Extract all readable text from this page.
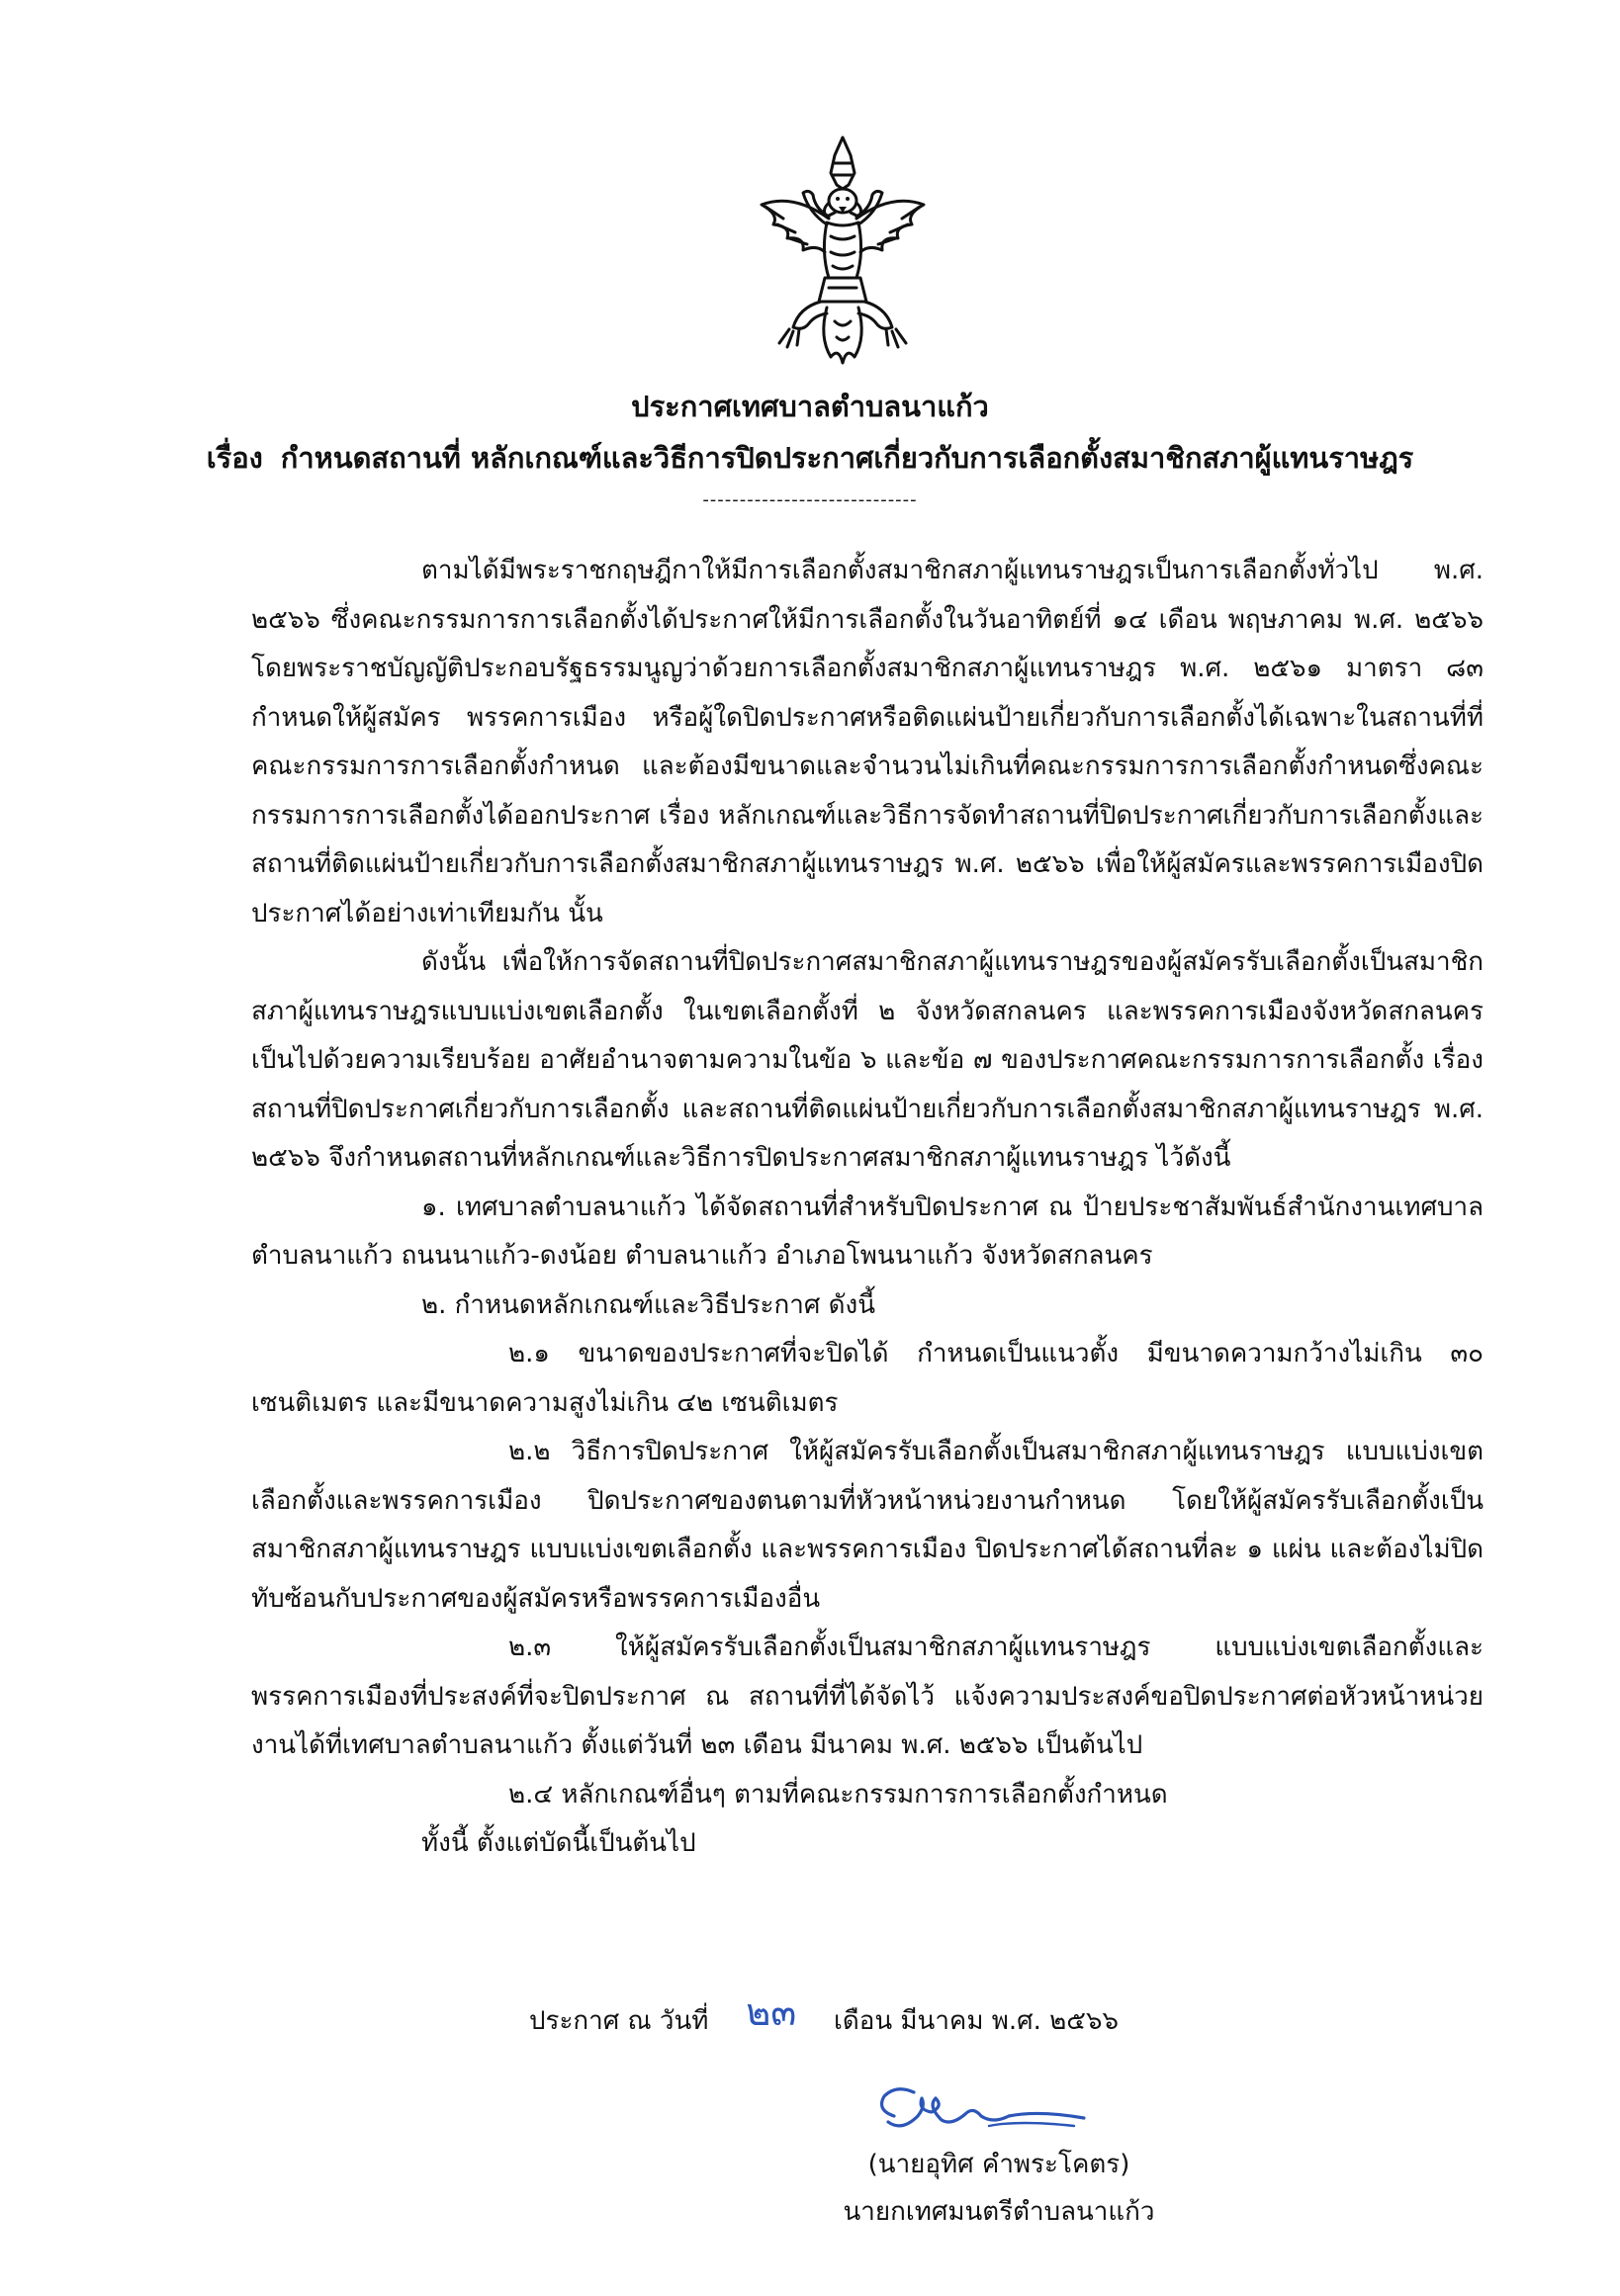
ประกาศเทศบาลตำบลนาแก้ว
เรื่อง กำหนดสถานที่ หลักเกณฑ์และวิธีการปิดประกาศเกี่ยวกับการเลือกตั้งสมาชิกสภาผู้แทนราษฎร
-----------------------------

ตามได้มีพระราชกฤษฎีกาให้มีการเลือกตั้งสมาชิกสภาผู้แทนราษฎรเป็นการเลือกตั้งทั่วไป พ.ศ. ๒๕๖๖ ซึ่งคณะกรรมการการเลือกตั้งได้ประกาศให้มีการเลือกตั้งในวันอาทิตย์ที่ ๑๔ เดือน พฤษภาคม พ.ศ. ๒๕๖๖ โดยพระราชบัญญัติประกอบรัฐธรรมนูญว่าด้วยการเลือกตั้งสมาชิกสภาผู้แทนราษฎร พ.ศ. ๒๕๖๑ มาตรา ๘๓ กำหนดให้ผู้สมัคร พรรคการเมือง หรือผู้ใดปิดประกาศหรือติดแผ่นป้ายเกี่ยวกับการเลือกตั้งได้เฉพาะในสถานที่ที่คณะกรรมการการเลือกตั้งกำหนด และต้องมีขนาดและจำนวนไม่เกินที่คณะกรรมการการเลือกตั้งกำหนดซึ่งคณะกรรมการการเลือกตั้งได้ออกประกาศ เรื่อง หลักเกณฑ์และวิธีการจัดทำสถานที่ปิดประกาศเกี่ยวกับการเลือกตั้งและสถานที่ติดแผ่นป้ายเกี่ยวกับการเลือกตั้งสมาชิกสภาผู้แทนราษฎร พ.ศ. ๒๕๖๖ เพื่อให้ผู้สมัครและพรรคการเมืองปิดประกาศได้อย่างเท่าเทียมกัน นั้น

ดังนั้น เพื่อให้การจัดสถานที่ปิดประกาศสมาชิกสภาผู้แทนราษฎรของผู้สมัครรับเลือกตั้งเป็นสมาชิกสภาผู้แทนราษฎรแบบแบ่งเขตเลือกตั้ง ในเขตเลือกตั้งที่ ๒ จังหวัดสกลนคร และพรรคการเมืองจังหวัดสกลนคร เป็นไปด้วยความเรียบร้อย อาศัยอำนาจตามความในข้อ ๖ และข้อ ๗ ของประกาศคณะกรรมการการเลือกตั้ง เรื่อง สถานที่ปิดประกาศเกี่ยวกับการเลือกตั้ง และสถานที่ติดแผ่นป้ายเกี่ยวกับการเลือกตั้งสมาชิกสภาผู้แทนราษฎร พ.ศ. ๒๕๖๖ จึงกำหนดสถานที่หลักเกณฑ์และวิธีการปิดประกาศสมาชิกสภาผู้แทนราษฎร ไว้ดังนี้

๑. เทศบาลตำบลนาแก้ว ได้จัดสถานที่สำหรับปิดประกาศ ณ ป้ายประชาสัมพันธ์สำนักงานเทศบาลตำบลนาแก้ว ถนนนาแก้ว-ดงน้อย ตำบลนาแก้ว อำเภอโพนนาแก้ว จังหวัดสกลนคร

๒. กำหนดหลักเกณฑ์และวิธีประกาศ ดังนี้

๒.๑ ขนาดของประกาศที่จะปิดได้ กำหนดเป็นแนวตั้ง มีขนาดความกว้างไม่เกิน ๓๐ เซนติเมตร และมีขนาดความสูงไม่เกิน ๔๒ เซนติเมตร

๒.๒ วิธีการปิดประกาศ ให้ผู้สมัครรับเลือกตั้งเป็นสมาชิกสภาผู้แทนราษฎร แบบแบ่งเขตเลือกตั้งและพรรคการเมือง ปิดประกาศของตนตามที่หัวหน้าหน่วยงานกำหนด โดยให้ผู้สมัครรับเลือกตั้งเป็นสมาชิกสภาผู้แทนราษฎร แบบแบ่งเขตเลือกตั้ง และพรรคการเมือง ปิดประกาศได้สถานที่ละ ๑ แผ่น และต้องไม่ปิดทับซ้อนกับประกาศของผู้สมัครหรือพรรคการเมืองอื่น

๒.๓ ให้ผู้สมัครรับเลือกตั้งเป็นสมาชิกสภาผู้แทนราษฎร แบบแบ่งเขตเลือกตั้งและพรรคการเมืองที่ประสงค์ที่จะปิดประกาศ ณ สถานที่ที่ได้จัดไว้ แจ้งความประสงค์ขอปิดประกาศต่อหัวหน้าหน่วยงานได้ที่เทศบาลตำบลนาแก้ว ตั้งแต่วันที่ ๒๓ เดือน มีนาคม พ.ศ. ๒๕๖๖ เป็นต้นไป

๒.๔ หลักเกณฑ์อื่นๆ ตามที่คณะกรรมการการเลือกตั้งกำหนด

ทั้งนี้ ตั้งแต่บัดนี้เป็นต้นไป

ประกาศ ณ วันที่ ๒๓ เดือน มีนาคม พ.ศ. ๒๕๖๖
(นายอุทิศ คำพระโคตร)
นายกเทศมนตรีตำบลนาแก้ว
